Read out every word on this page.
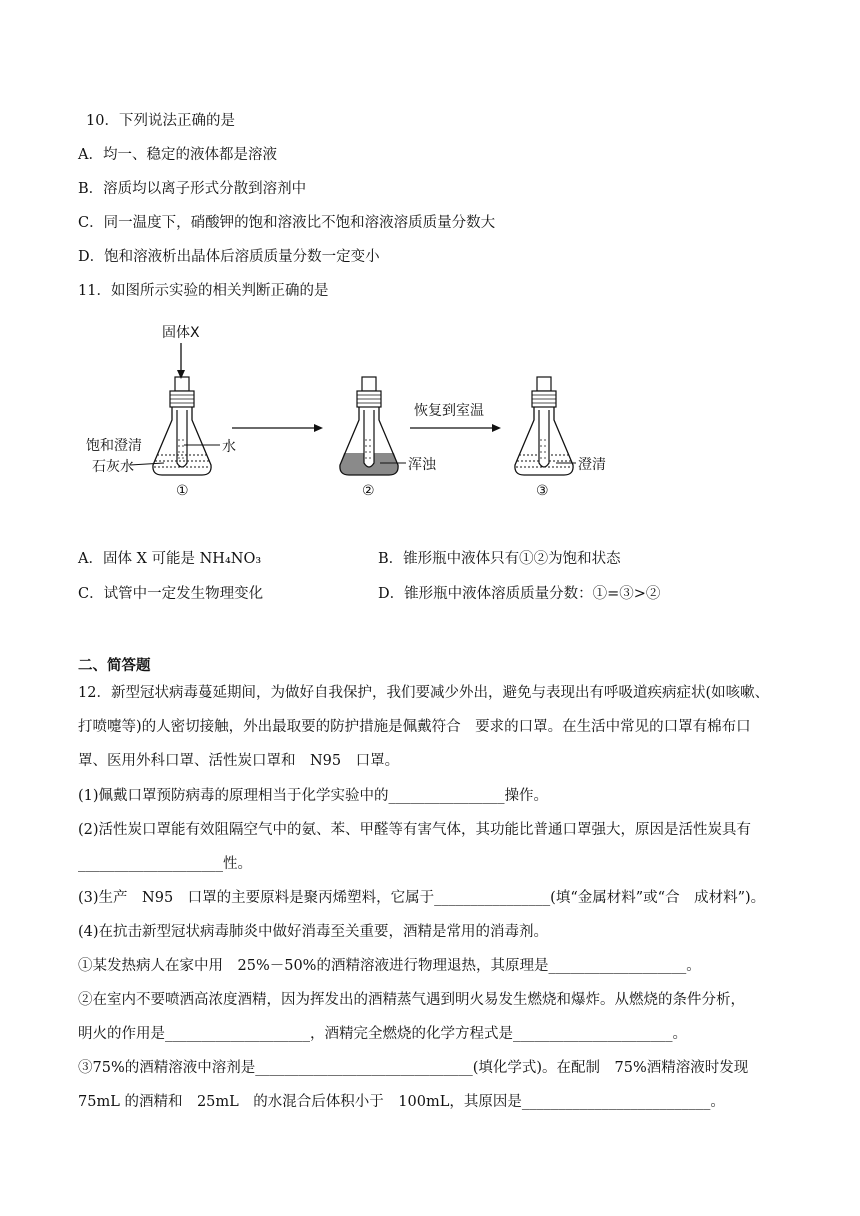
10．下列说法正确的是
A．均一、稳定的液体都是溶液
B．溶质均以离子形式分散到溶剂中
C．同一温度下，硝酸钾的饱和溶液比不饱和溶液溶质质量分数大
D．饱和溶液析出晶体后溶质质量分数一定变小
11．如图所示实验的相关判断正确的是
固体X
饱和澄清
石灰水
水
①
浑浊
②
恢复到室温
澄清
③
A．固体 X 可能是 NH₄NO₃	B．锥形瓶中液体只有①②为饱和状态
C．试管中一定发生物理变化	D．锥形瓶中液体溶质质量分数：①=③>②
二、简答题
12．新型冠状病毒蔓延期间，为做好自我保护，我们要减少外出，避免与表现出有呼吸道疾病症状(如咳嗽、
打喷嚏等)的人密切接触，外出最取要的防护措施是佩戴符合　要求的口罩。在生活中常见的口罩有棉布口
罩、医用外科口罩、活性炭口罩和　N95　口罩。
(1)佩戴口罩预防病毒的原理相当于化学实验中的________________操作。
(2)活性炭口罩能有效阻隔空气中的氨、苯、甲醛等有害气体，其功能比普通口罩强大，原因是活性炭具有
____________________性。
(3)生产　N95　口罩的主要原料是聚丙烯塑料，它属于________________(填“金属材料”或“合　成材料”)。
(4)在抗击新型冠状病毒肺炎中做好消毒至关重要，酒精是常用的消毒剂。
①某发热病人在家中用　25%－50%的酒精溶液进行物理退热，其原理是___________________。
②在室内不要喷洒高浓度酒精，因为挥发出的酒精蒸气遇到明火易发生燃烧和爆炸。从燃烧的条件分析，
明火的作用是____________________，酒精完全燃烧的化学方程式是______________________。
③75%的酒精溶液中溶剂是______________________________(填化学式)。在配制　75%酒精溶液时发现
75mL 的酒精和　25mL　的水混合后体积小于　100mL，其原因是__________________________。
